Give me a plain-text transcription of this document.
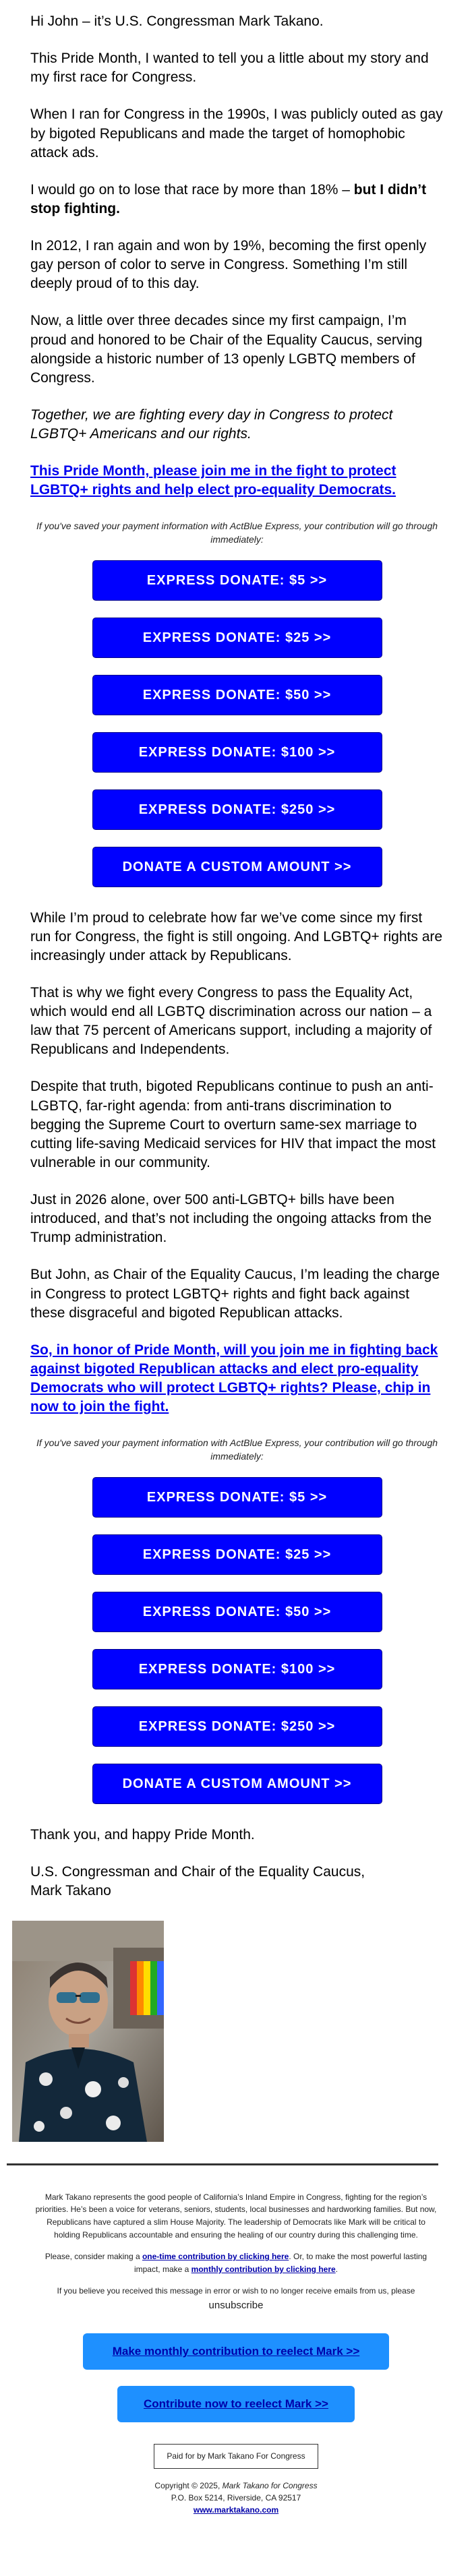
Hi John – it’s U.S. Congressman Mark Takano.

This Pride Month, I wanted to tell you a little about my story and my first race for Congress.

When I ran for Congress in the 1990s, I was publicly outed as gay by bigoted Republicans and made the target of homophobic attack ads.

I would go on to lose that race by more than 18% – but I didn’t stop fighting.

In 2012, I ran again and won by 19%, becoming the first openly gay person of color to serve in Congress. Something I’m still deeply proud of to this day.

Now, a little over three decades since my first campaign, I’m proud and honored to be Chair of the Equality Caucus, serving alongside a historic number of 13 openly LGBTQ members of Congress.

Together, we are fighting every day in Congress to protect LGBTQ+ Americans and our rights.

This Pride Month, please join me in the fight to protect LGBTQ+ rights and help elect pro-equality Democrats.

If you've saved your payment information with ActBlue Express, your contribution will go through immediately:

EXPRESS DONATE: $5 >>
EXPRESS DONATE: $25 >>
EXPRESS DONATE: $50 >>
EXPRESS DONATE: $100 >>
EXPRESS DONATE: $250 >>
DONATE A CUSTOM AMOUNT >>

While I’m proud to celebrate how far we’ve come since my first run for Congress, the fight is still ongoing. And LGBTQ+ rights are increasingly under attack by Republicans.

That is why we fight every Congress to pass the Equality Act, which would end all LGBTQ discrimination across our nation – a law that 75 percent of Americans support, including a majority of Republicans and Independents.

Despite that truth, bigoted Republicans continue to push an anti-LGBTQ, far-right agenda: from anti-trans discrimination to begging the Supreme Court to overturn same-sex marriage to cutting life-saving Medicaid services for HIV that impact the most vulnerable in our community.

Just in 2026 alone, over 500 anti-LGBTQ+ bills have been introduced, and that’s not including the ongoing attacks from the Trump administration.

But John, as Chair of the Equality Caucus, I’m leading the charge in Congress to protect LGBTQ+ rights and fight back against these disgraceful and bigoted Republican attacks.

So, in honor of Pride Month, will you join me in fighting back against bigoted Republican attacks and elect pro-equality Democrats who will protect LGBTQ+ rights? Please, chip in now to join the fight.

If you've saved your payment information with ActBlue Express, your contribution will go through immediately:

EXPRESS DONATE: $5 >>
EXPRESS DONATE: $25 >>
EXPRESS DONATE: $50 >>
EXPRESS DONATE: $100 >>
EXPRESS DONATE: $250 >>
DONATE A CUSTOM AMOUNT >>

Thank you, and happy Pride Month.

U.S. Congressman and Chair of the Equality Caucus,
Mark Takano

Mark Takano represents the good people of California’s Inland Empire in Congress, fighting for the region’s priorities. He’s been a voice for veterans, seniors, students, local businesses and hardworking families. But now, Republicans have captured a slim House Majority. The leadership of Democrats like Mark will be critical to holding Republicans accountable and ensuring the healing of our country during this challenging time.

Please, consider making a one-time contribution by clicking here. Or, to make the most powerful lasting impact, make a monthly contribution by clicking here.

If you believe you received this message in error or wish to no longer receive emails from us, please unsubscribe

Make monthly contribution to reelect Mark >>
Contribute now to reelect Mark >>
Paid for by Mark Takano For Congress
Copyright © 2025, Mark Takano for Congress
P.O. Box 5214, Riverside, CA 92517
www.marktakano.com
